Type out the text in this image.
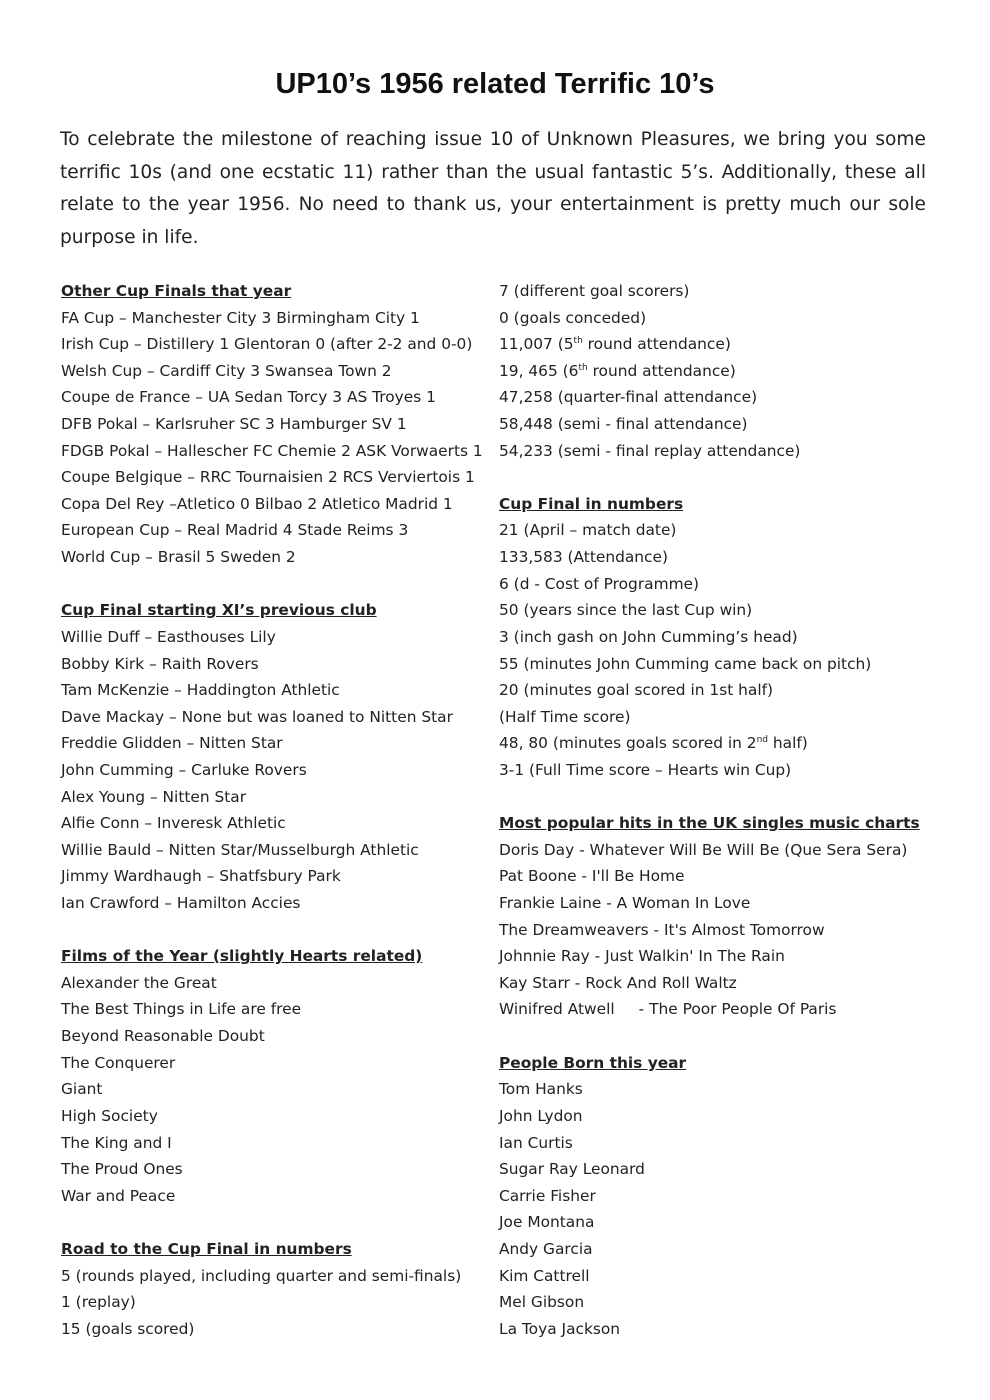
UP10’s 1956 related Terrific 10’s
To celebrate the milestone of reaching issue 10 of Unknown Pleasures, we bring you some terrific 10s (and one ecstatic 11) rather than the usual fantastic 5’s. Additionally, these all relate to the year 1956. No need to thank us, your entertainment is pretty much our sole purpose in life.
Other Cup Finals that year
FA Cup – Manchester City 3 Birmingham City 1
Irish Cup – Distillery 1 Glentoran 0 (after 2-2 and 0-0)
Welsh Cup – Cardiff City 3 Swansea Town 2
Coupe de France – UA Sedan Torcy 3 AS Troyes 1
DFB Pokal – Karlsruher SC 3 Hamburger SV 1
FDGB Pokal – Hallescher FC Chemie 2 ASK Vorwaerts 1
Coupe Belgique – RRC Tournaisien 2 RCS Verviertois 1
Copa Del Rey –Atletico 0 Bilbao 2 Atletico Madrid 1
European Cup – Real Madrid 4 Stade Reims 3
World Cup – Brasil 5 Sweden 2
Cup Final starting XI’s previous club
Willie Duff – Easthouses Lily
Bobby Kirk – Raith Rovers
Tam McKenzie – Haddington Athletic
Dave Mackay – None but was loaned to Nitten Star
Freddie Glidden – Nitten Star
John Cumming – Carluke Rovers
Alex Young – Nitten Star
Alfie Conn – Inveresk Athletic
Willie Bauld – Nitten Star/Musselburgh Athletic
Jimmy Wardhaugh – Shatfsbury Park
Ian Crawford – Hamilton Accies
Films of the Year (slightly Hearts related)
Alexander the Great
The Best Things in Life are free
Beyond Reasonable Doubt
The Conquerer
Giant
High Society
The King and I
The Proud Ones
War and Peace
Road to the Cup Final in numbers
5 (rounds played, including quarter and semi-finals)
1 (replay)
15 (goals scored)
7 (different goal scorers)
0 (goals conceded)
11,007 (5th round attendance)
19, 465 (6th round attendance)
47,258 (quarter-final attendance)
58,448 (semi - final attendance)
54,233 (semi - final replay attendance)
Cup Final in numbers
21 (April – match date)
133,583 (Attendance)
6 (d - Cost of Programme)
50 (years since the last Cup win)
3 (inch gash on John Cumming’s head)
55 (minutes John Cumming came back on pitch)
20 (minutes goal scored in 1st half)
(Half Time score)
48, 80 (minutes goals scored in 2nd half)
3-1 (Full Time score – Hearts win Cup)
Most popular hits in the UK singles music charts
Doris Day - Whatever Will Be Will Be (Que Sera Sera)
Pat Boone - I'll Be Home
Frankie Laine - A Woman In Love
The Dreamweavers - It's Almost Tomorrow
Johnnie Ray - Just Walkin' In The Rain
Kay Starr - Rock And Roll Waltz
Winifred Atwell - The Poor People Of Paris
People Born this year
Tom Hanks
John Lydon
Ian Curtis
Sugar Ray Leonard
Carrie Fisher
Joe Montana
Andy Garcia
Kim Cattrell
Mel Gibson
La Toya Jackson
